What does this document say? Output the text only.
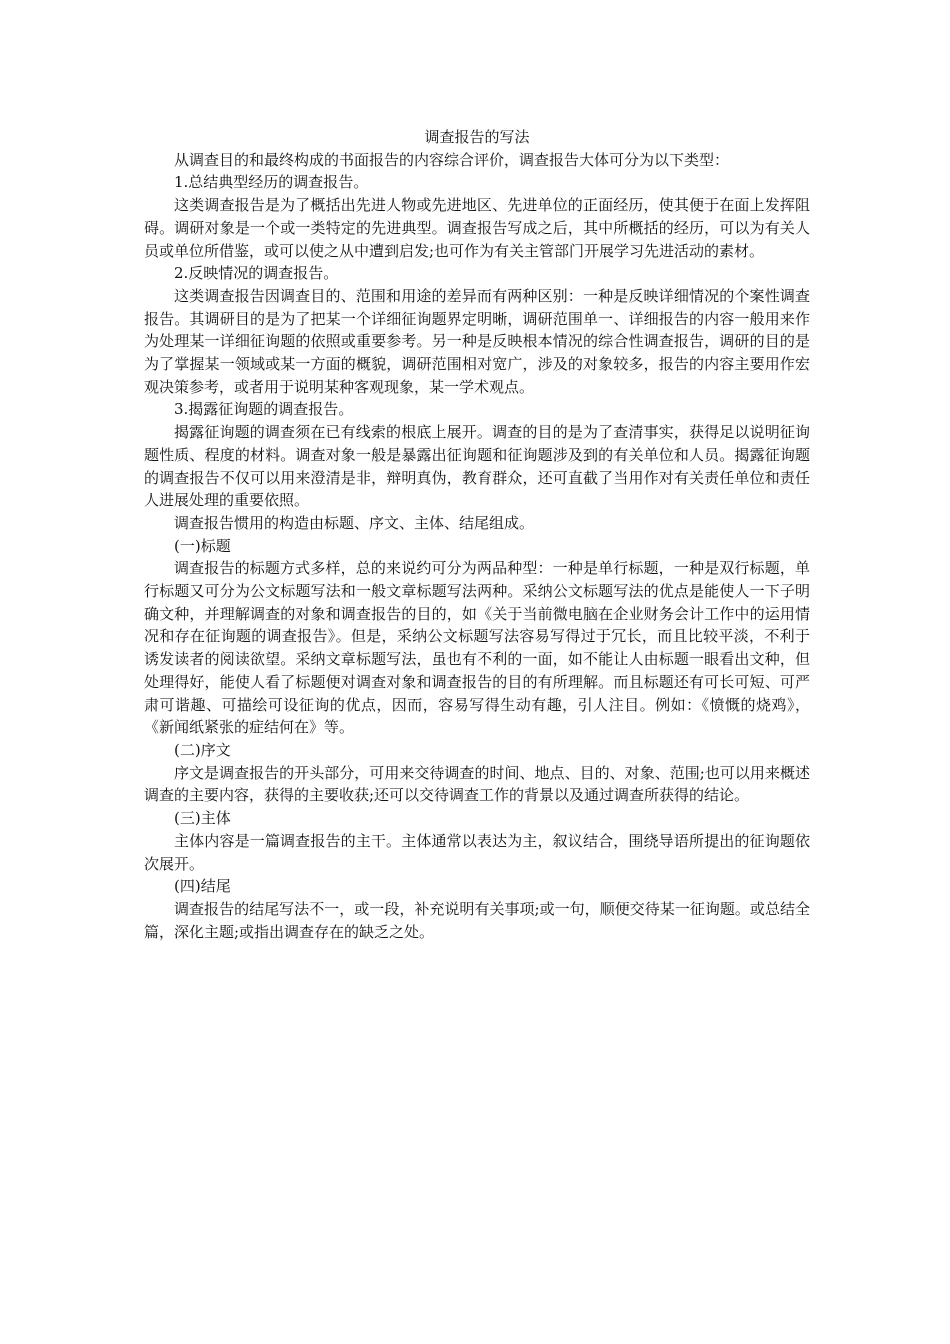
调查报告的写法

从调查目的和最终构成的书面报告的内容综合评价，调查报告大体可分为以下类型：

1.总结典型经历的调查报告。

这类调查报告是为了概括出先进人物或先进地区、先进单位的正面经历，使其便于在面上发挥阻碍。调研对象是一个或一类特定的先进典型。调查报告写成之后，其中所概括的经历，可以为有关人员或单位所借鉴，或可以使之从中遭到启发;也可作为有关主管部门开展学习先进活动的素材。

2.反映情况的调查报告。

这类调查报告因调查目的、范围和用途的差异而有两种区别：一种是反映详细情况的个案性调查报告。其调研目的是为了把某一个详细征询题界定明晰，调研范围单一、详细报告的内容一般用来作为处理某一详细征询题的依照或重要参考。另一种是反映根本情况的综合性调查报告，调研的目的是为了掌握某一领域或某一方面的概貌，调研范围相对宽广，涉及的对象较多，报告的内容主要用作宏观决策参考，或者用于说明某种客观现象，某一学术观点。

3.揭露征询题的调查报告。

揭露征询题的调查须在已有线索的根底上展开。调查的目的是为了查清事实，获得足以说明征询题性质、程度的材料。调查对象一般是暴露出征询题和征询题涉及到的有关单位和人员。揭露征询题的调查报告不仅可以用来澄清是非，辩明真伪，教育群众，还可直截了当用作对有关责任单位和责任人进展处理的重要依照。

调查报告惯用的构造由标题、序文、主体、结尾组成。

(一)标题

调查报告的标题方式多样，总的来说约可分为两品种型：一种是单行标题，一种是双行标题，单行标题又可分为公文标题写法和一般文章标题写法两种。采纳公文标题写法的优点是能使人一下子明确文种，并理解调查的对象和调查报告的目的，如《关于当前微电脑在企业财务会计工作中的运用情况和存在征询题的调查报告》。但是，采纳公文标题写法容易写得过于冗长，而且比较平淡，不利于诱发读者的阅读欲望。采纳文章标题写法，虽也有不利的一面，如不能让人由标题一眼看出文种，但处理得好，能使人看了标题便对调查对象和调查报告的目的有所理解。而且标题还有可长可短、可严肃可谐趣、可描绘可设征询的优点，因而，容易写得生动有趣，引人注目。例如：《愤慨的烧鸡》，《新闻纸紧张的症结何在》等。

(二)序文

序文是调查报告的开头部分，可用来交待调查的时间、地点、目的、对象、范围;也可以用来概述调查的主要内容，获得的主要收获;还可以交待调查工作的背景以及通过调查所获得的结论。

(三)主体

主体内容是一篇调查报告的主干。主体通常以表达为主，叙议结合，围绕导语所提出的征询题依次展开。

(四)结尾

调查报告的结尾写法不一，或一段，补充说明有关事项;或一句，顺便交待某一征询题。或总结全篇，深化主题;或指出调查存在的缺乏之处。
